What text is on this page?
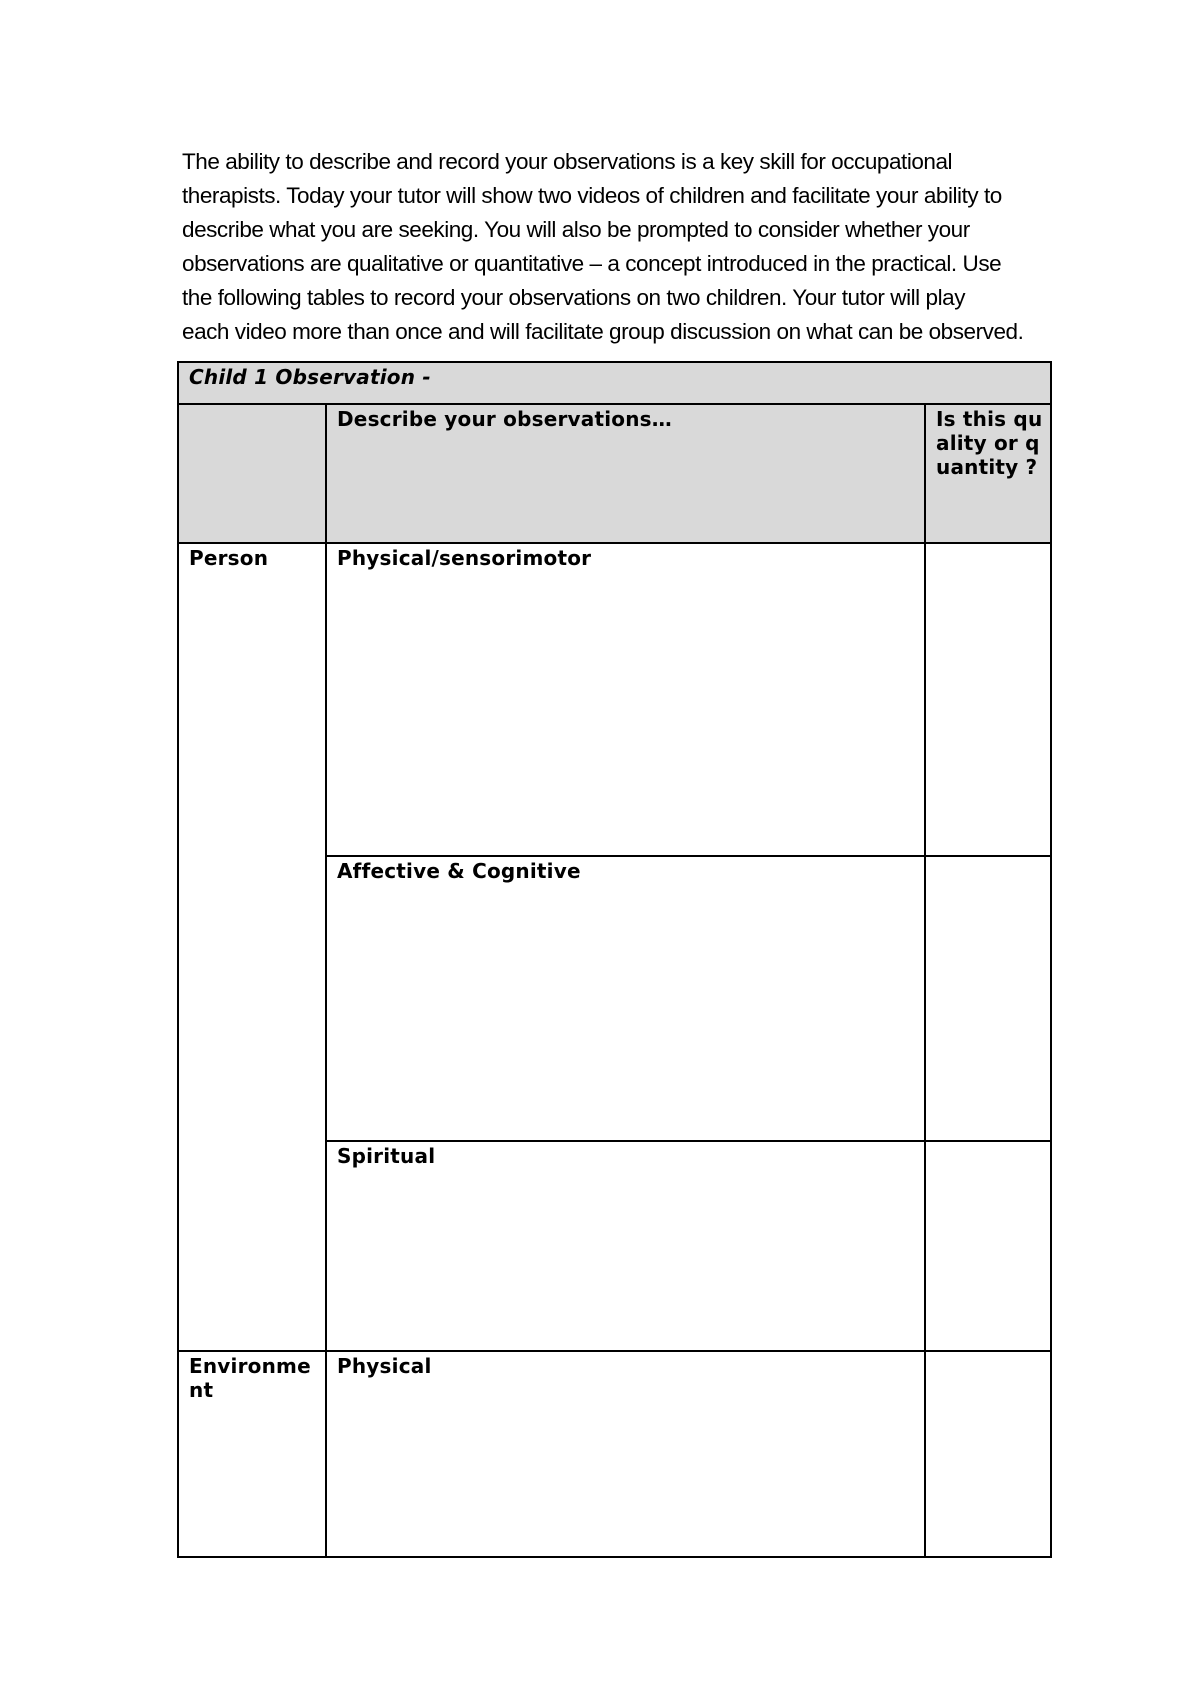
The ability to describe and record your observations is a key skill for occupational
therapists. Today your tutor will show two videos of children and facilitate your ability to
describe what you are seeking. You will also be prompted to consider whether your
observations are qualitative or quantitative – a concept introduced in the practical. Use
the following tables to record your observations on two children. Your tutor will play
each video more than once and will facilitate group discussion on what can be observed.
Child 1 Observation -		
	Describe your observations…	Is this quality or quantity ?
Person	Physical/sensorimotor	
	Affective & Cognitive	
	Spiritual	
Environment	Physical	
